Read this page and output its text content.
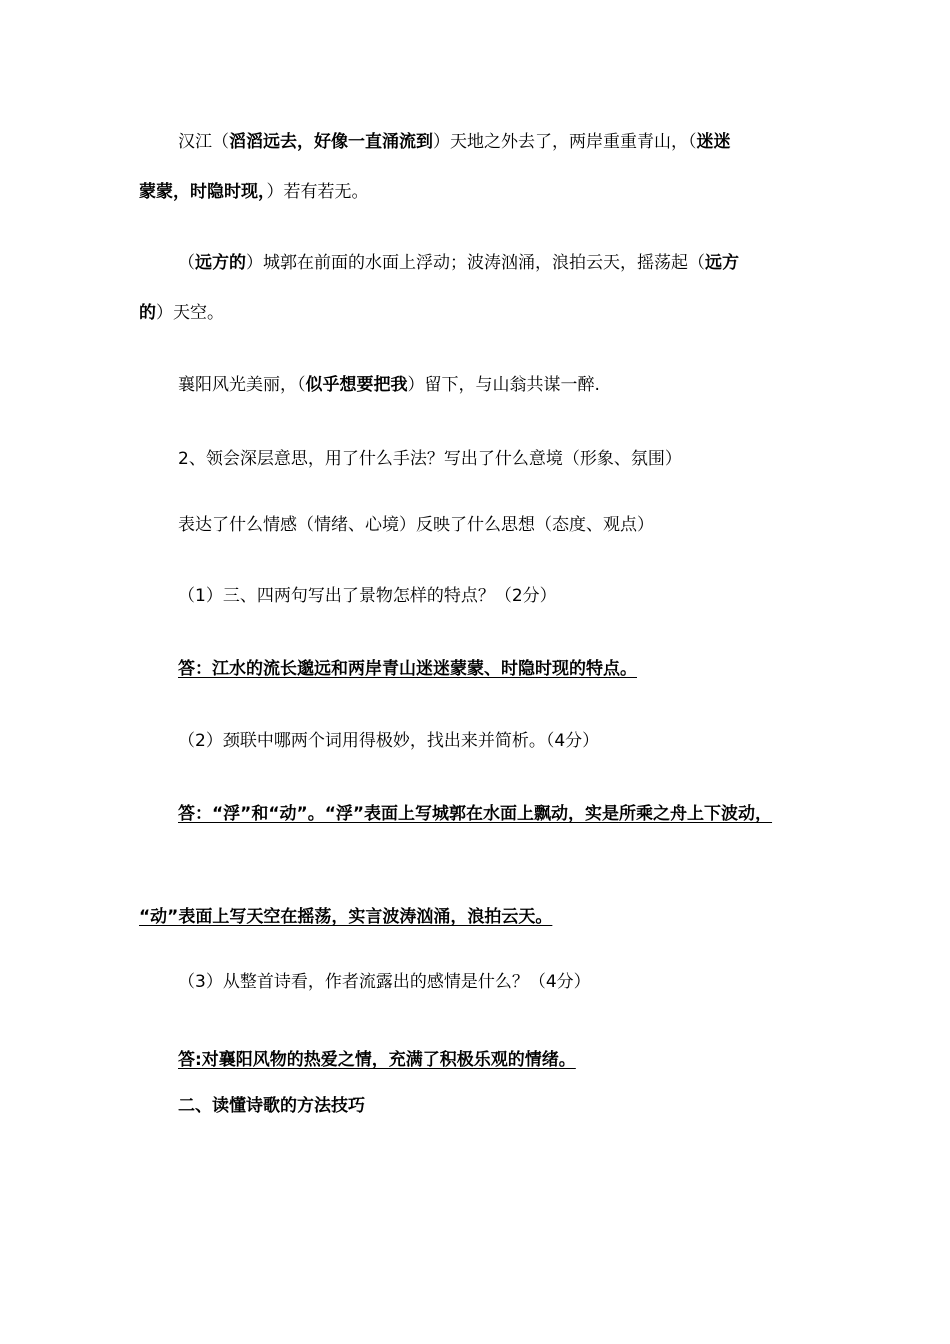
汉江（滔滔远去，好像一直涌流到）天地之外去了，两岸重重青山，（迷迷
蒙蒙，时隐时现，）若有若无。
（远方的）城郭在前面的水面上浮动；波涛汹涌，浪拍云天，摇荡起（远方
的）天空。
襄阳风光美丽，（似乎想要把我）留下，与山翁共谋一醉.
2、领会深层意思，用了什么手法？写出了什么意境（形象、氛围）
表达了什么情感（情绪、心境）反映了什么思想（态度、观点）
（1）三、四两句写出了景物怎样的特点？（2分）
答：江水的流长邈远和两岸青山迷迷蒙蒙、时隐时现的特点。
（2）颈联中哪两个词用得极妙，找出来并简析。（4分）
答：“浮”和“动”。“浮”表面上写城郭在水面上飘动，实是所乘之舟上下波动，
“动”表面上写天空在摇荡，实言波涛汹涌，浪拍云天。
（3）从整首诗看，作者流露出的感情是什么？（4分）
答:对襄阳风物的热爱之情，充满了积极乐观的情绪。
二、读懂诗歌的方法技巧
